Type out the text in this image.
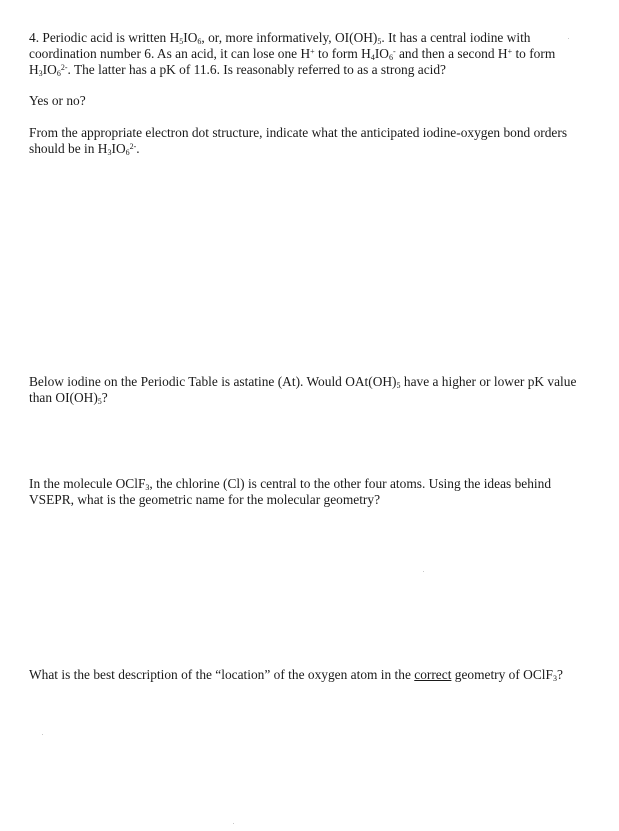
4. Periodic acid is written $H_5IO_6$, or, more informatively, $OI(OH)_5$. It has a central iodine with coordination number 6. As an acid, it can lose one H+ to form $H_4IO_6^-$ and then a second H+ to form $H_3IO_6^{2-}$. The latter has a pK of 11.6. Is reasonably referred to as a strong acid?

Yes or no?

From the appropriate electron dot structure, indicate what the anticipated iodine-oxygen bond orders should be in $H_3IO_6^{2-}$.

Below iodine on the Periodic Table is astatine (At). Would $OAt(OH)_5$ have a higher or lower pK value than $OI(OH)_5$?

In the molecule OClF$_3$, the chlorine (Cl) is central to the other four atoms. Using the ideas behind VSEPR, what is the geometric name for the molecular geometry?

What is the best description of the “location” of the oxygen atom in the correct geometry of OClF$_3$?
